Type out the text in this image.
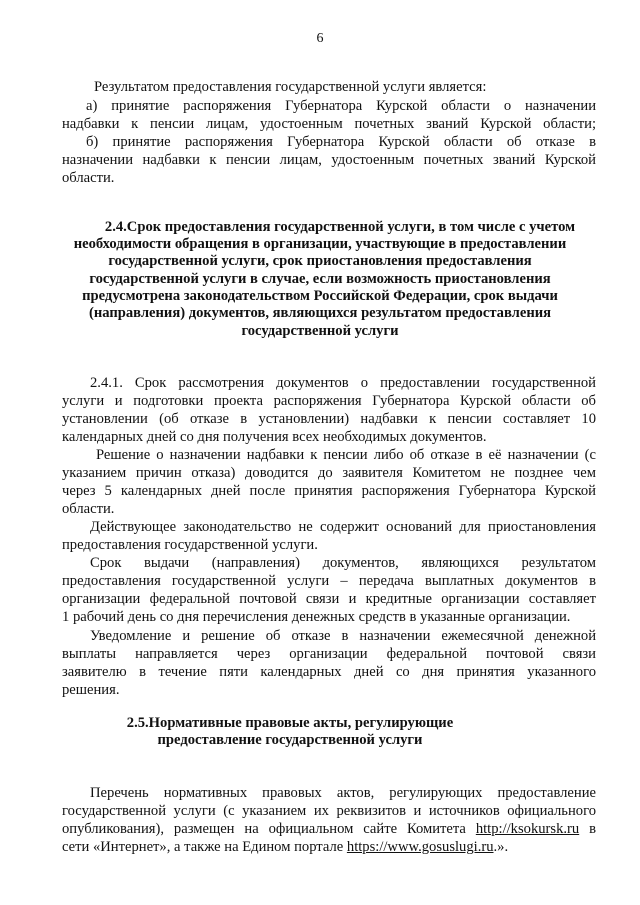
6
Результатом предоставления государственной услуги является:
а) принятие распоряжения Губернатора Курской области о назначении
надбавки к пенсии лицам, удостоенным почетных званий Курской области;
б) принятие распоряжения Губернатора Курской области об отказе в
назначении надбавки к пенсии лицам, удостоенным почетных званий Курской
области.
2.4.Срок предоставления государственной услуги, в том числе с учетом
необходимости обращения в организации, участвующие в предоставлении
государственной услуги, срок приостановления предоставления
государственной услуги в случае, если возможность приостановления
предусмотрена законодательством Российской Федерации, срок выдачи
(направления) документов, являющихся результатом предоставления
государственной услуги
2.4.1. Срок рассмотрения документов о предоставлении государственной
услуги и подготовки проекта распоряжения Губернатора Курской области об
установлении (об отказе в установлении) надбавки к пенсии составляет 10
календарных дней со дня получения всех необходимых документов.
Решение о назначении надбавки к пенсии либо об отказе в её назначении (с
указанием причин отказа) доводится до заявителя Комитетом не позднее чем
через 5 календарных дней после принятия распоряжения Губернатора Курской
области.
Действующее законодательство не содержит оснований для приостановления
предоставления государственной услуги.
Срок выдачи (направления) документов, являющихся результатом
предоставления государственной услуги – передача выплатных документов в
организации федеральной почтовой связи и кредитные организации составляет
1 рабочий день со дня перечисления денежных средств в указанные организации.
Уведомление и решение об отказе в назначении ежемесячной денежной
выплаты направляется через организации федеральной почтовой связи
заявителю в течение пяти календарных дней со дня принятия указанного
решения.
2.5.Нормативные правовые акты, регулирующие
предоставление государственной услуги
Перечень нормативных правовых актов, регулирующих предоставление
государственной услуги (с указанием их реквизитов и источников официального
опубликования), размещен на официальном сайте Комитета http://ksokursk.ru в
сети «Интернет», а также на Едином портале https://www.gosuslugi.ru.».
